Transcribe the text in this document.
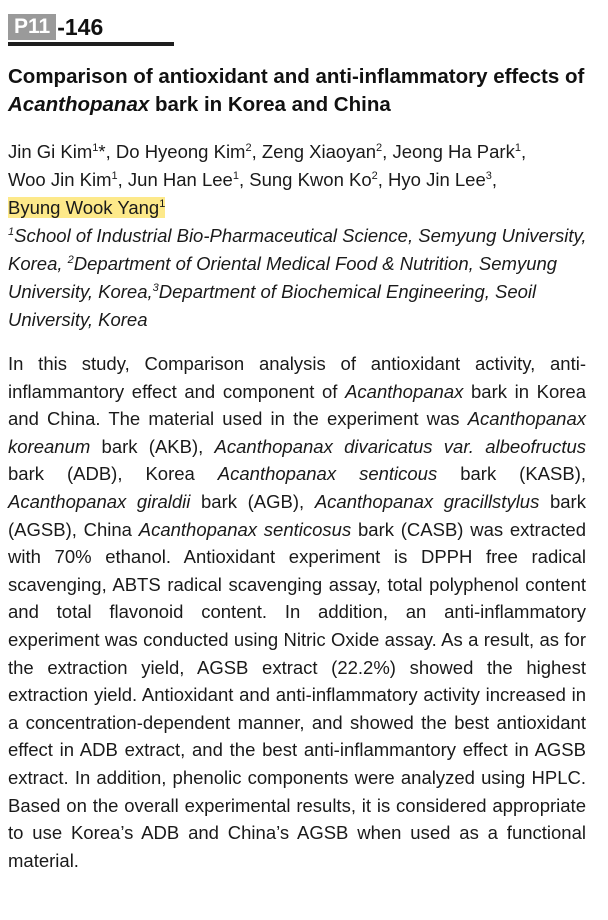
P11 -146
Comparison of antioxidant and anti-inflammatory effects of Acanthopanax bark in Korea and China

Jin Gi Kim$^1$*, Do Hyeong Kim$^2$, Zeng Xiaoyan$^2$, Jeong Ha Park$^1$,
Woo Jin Kim$^1$, Jun Han Lee$^1$, Sung Kwon Ko$^2$, Hyo Jin Lee$^3$,
Byung Wook Yang$^1$

$^1$School of Industrial Bio-Pharmaceutical Science, Semyung University, Korea, $^2$Department of Oriental Medical Food & Nutrition, Semyung University, Korea,$^3$Department of Biochemical Engineering, Seoil University, Korea

In this study, Comparison analysis of antioxidant activity, anti-inflammantory effect and component of Acanthopanax bark in Korea and China. The material used in the experiment was Acanthopanax koreanum bark (AKB), Acanthopanax divaricatus var. albeofructus bark (ADB), Korea Acanthopanax senticous bark (KASB), Acanthopanax giraldii bark (AGB), Acanthopanax gracillstylus bark (AGSB), China Acanthopanax senticosus bark (CASB) was extracted with 70% ethanol. Antioxidant experiment is DPPH free radical scavenging, ABTS radical scavenging assay, total polyphenol content and total flavonoid content. In addition, an anti-inflammatory experiment was conducted using Nitric Oxide assay. As a result, as for the extraction yield, AGSB extract (22.2%) showed the highest extraction yield. Antioxidant and anti-inflammatory activity increased in a concentration-dependent manner, and showed the best antioxidant effect in ADB extract, and the best anti-inflammantory effect in AGSB extract. In addition, phenolic components were analyzed using HPLC. Based on the overall experimental results, it is considered appropriate to use Korea’s ADB and China’s AGSB when used as a functional material.
